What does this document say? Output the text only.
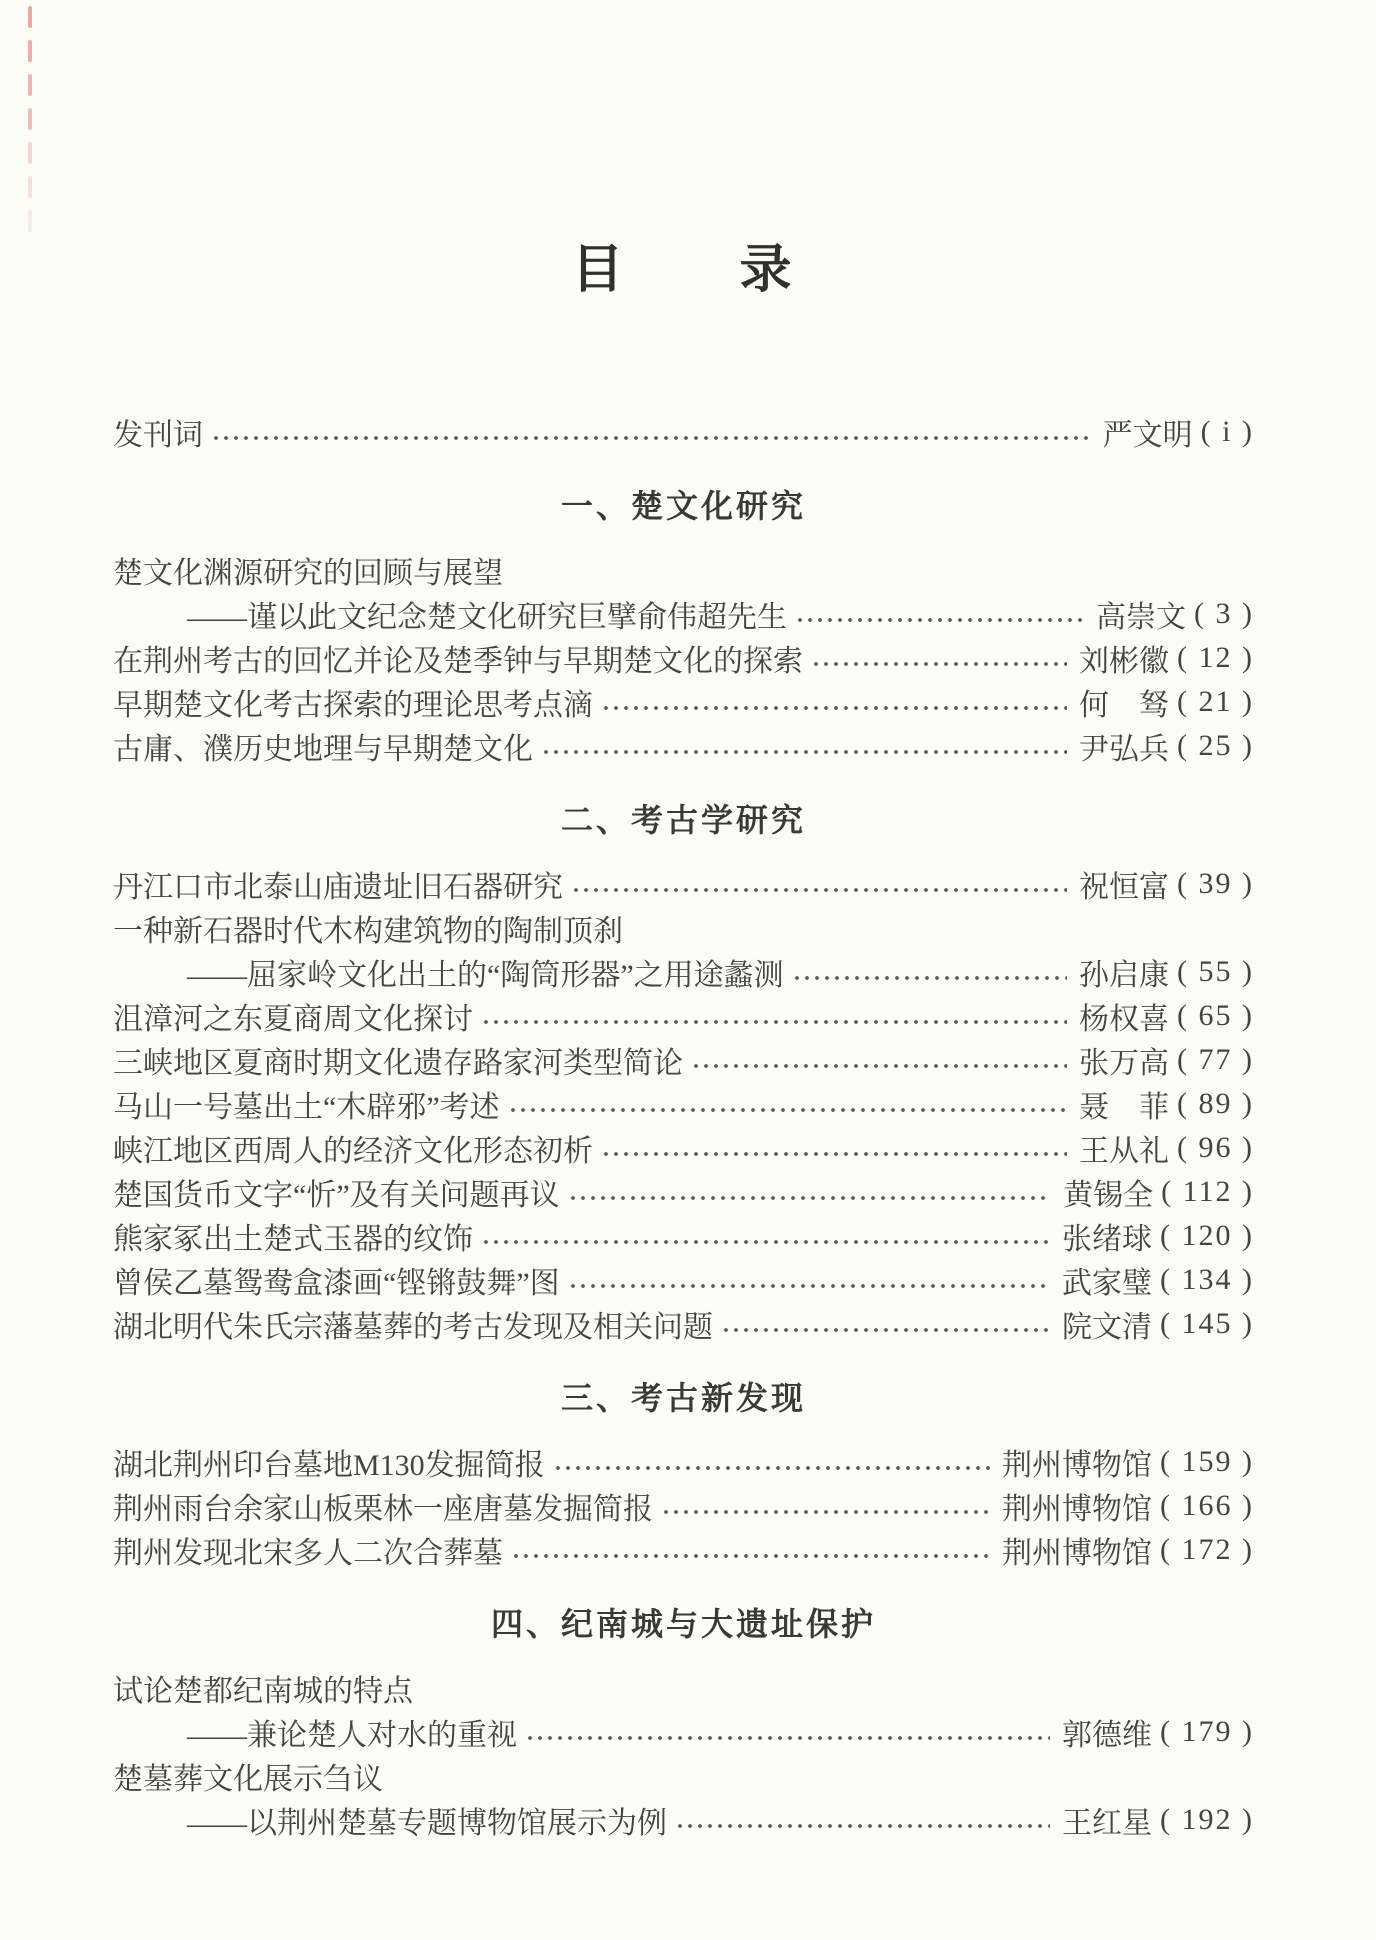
目　　录
发刊词	严文明 ( i )
一、楚文化研究
楚文化渊源研究的回顾与展望
——谨以此文纪念楚文化研究巨擘俞伟超先生	高崇文 ( 3 )
在荆州考古的回忆并论及楚季钟与早期楚文化的探索	刘彬徽 ( 12 )
早期楚文化考古探索的理论思考点滴	何　驽 ( 21 )
古庸、濮历史地理与早期楚文化	尹弘兵 ( 25 )
二、考古学研究
丹江口市北泰山庙遗址旧石器研究	祝恒富 ( 39 )
一种新石器时代木构建筑物的陶制顶刹
——屈家岭文化出土的“陶筒形器”之用途蠡测	孙启康 ( 55 )
沮漳河之东夏商周文化探讨	杨权喜 ( 65 )
三峡地区夏商时期文化遗存路家河类型简论	张万高 ( 77 )
马山一号墓出土“木辟邪”考述	聂　菲 ( 89 )
峡江地区西周人的经济文化形态初析	王从礼 ( 96 )
楚国货币文字“忻”及有关问题再议	黄锡全 ( 112 )
熊家冢出土楚式玉器的纹饰	张绪球 ( 120 )
曾侯乙墓鸳鸯盒漆画“铿锵鼓舞”图	武家璧 ( 134 )
湖北明代朱氏宗藩墓葬的考古发现及相关问题	院文清 ( 145 )
三、考古新发现
湖北荆州印台墓地M130发掘简报	荆州博物馆 ( 159 )
荆州雨台余家山板栗林一座唐墓发掘简报	荆州博物馆 ( 166 )
荆州发现北宋多人二次合葬墓	荆州博物馆 ( 172 )
四、纪南城与大遗址保护
试论楚都纪南城的特点
——兼论楚人对水的重视	郭德维 ( 179 )
楚墓葬文化展示刍议
——以荆州楚墓专题博物馆展示为例	王红星 ( 192 )
